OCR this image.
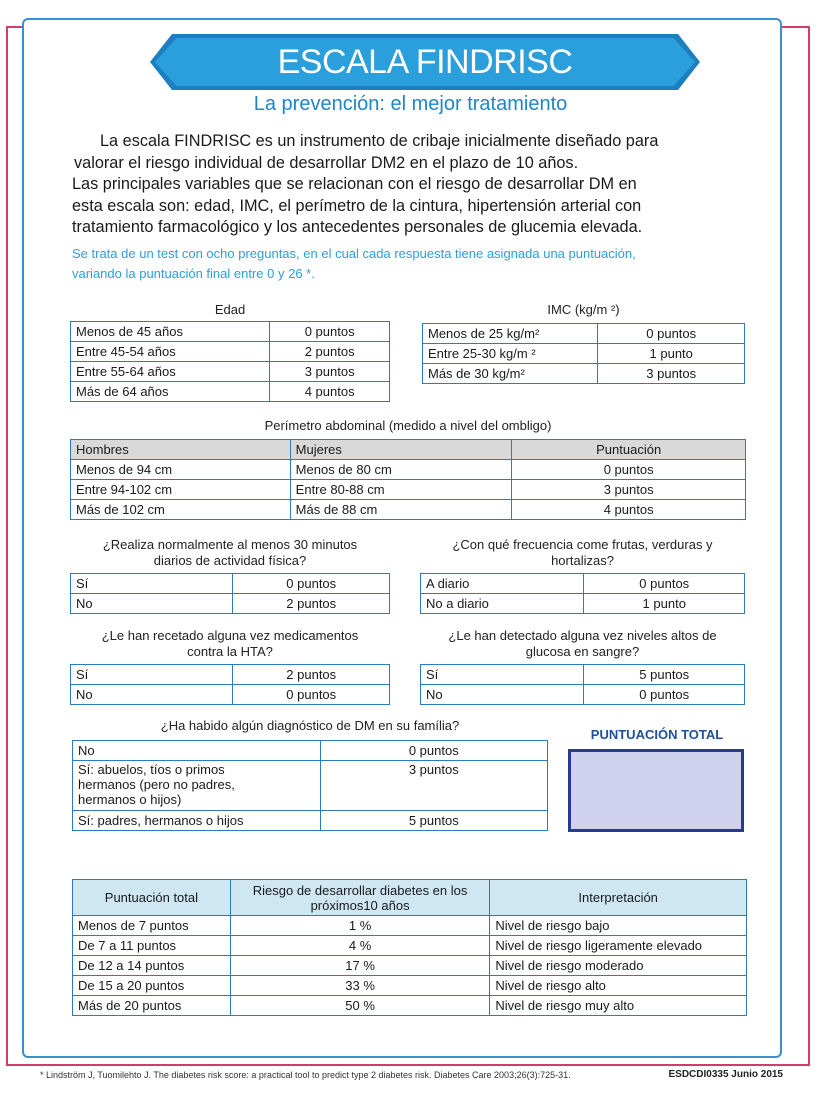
ESCALA FINDRISC
La prevención: el mejor tratamiento

La escala FINDRISC es un instrumento de cribaje inicialmente diseñado para

valorar el riesgo individual de desarrollar DM2 en el plazo de 10 años.

Las principales variables que se relacionan con el riesgo de desarrollar DM en

esta escala son: edad, IMC, el perímetro de la cintura, hipertensión arterial con

tratamiento farmacológico y los antecedentes personales de glucemia elevada.

Se trata de un test con ocho preguntas, en el cual cada respuesta tiene asignada una puntuación,
variando la puntuación final entre 0 y 26 *.
Edad
Menos de 45 años	0 puntos
Entre 45-54 años	2 puntos
Entre 55-64 años	3 puntos
Más de 64 años	4 puntos
IMC (kg/m ²)
Menos de 25 kg/m²	0 puntos
Entre 25-30 kg/m ²	1 punto
Más de 30 kg/m²	3 puntos
Perímetro abdominal (medido a nivel del ombligo)
Hombres	Mujeres	Puntuación
Menos de 94 cm	Menos de 80 cm	0 puntos
Entre 94-102 cm	Entre 80-88 cm	3 puntos
Más de 102 cm	Más de 88 cm	4 puntos
¿Realiza normalmente al menos 30 minutos
diarios de actividad física?
Sí	0 puntos
No	2 puntos
¿Con qué frecuencia come frutas, verduras y
hortalizas?
A diario	0 puntos
No a diario	1 punto
¿Le han recetado alguna vez medicamentos
contra la HTA?
Sí	2 puntos
No	0 puntos
¿Le han detectado alguna vez niveles altos de
glucosa en sangre?
Sí	5 puntos
No	0 puntos
¿Ha habido algún diagnóstico de DM en su família?
No	0 puntos
Sí: abuelos, tíos o primos hermanos (pero no padres, hermanos o hijos)	3 puntos
Sí: padres, hermanos o hijos	5 puntos
PUNTUACIÓN TOTAL
Puntuación total	Riesgo de desarrollar diabetes en los próximos10 años	Interpretación
Menos de 7 puntos	1 %	Nivel de riesgo bajo
De 7 a 11 puntos	4 %	Nivel de riesgo ligeramente elevado
De 12 a 14 puntos	17 %	Nivel de riesgo moderado
De 15 a 20 puntos	33 %	Nivel de riesgo alto
Más de 20 puntos	50 %	Nivel de riesgo muy alto
* Lindström J, Tuomilehto J. The diabetes risk score: a practical tool to predict type 2 diabetes risk. Diabetes Care 2003;26(3):725-31.	ESDCDI0335 Junio 2015
